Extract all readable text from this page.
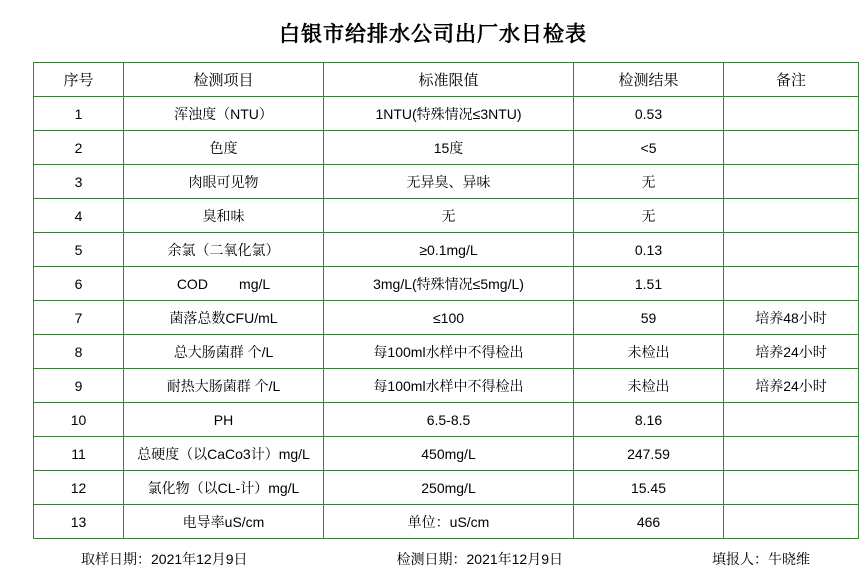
白银市给排水公司出厂水日检表
序号	检测项目	标准限值	检测结果	备注
1	浑浊度（NTU）	1NTU(特殊情况≤3NTU)	0.53	
2	色度	15度	<5	
3	肉眼可见物	无异臭、异味	无	
4	臭和味	无	无	
5	余氯（二氧化氯）	≥0.1mg/L	0.13	
6	COD        mg/L	3mg/L(特殊情况≤5mg/L)	1.51	
7	菌落总数CFU/mL	≤100	59	培养48小时
8	总大肠菌群 个/L	每100ml水样中不得检出	未检出	培养24小时
9	耐热大肠菌群 个/L	每100ml水样中不得检出	未检出	培养24小时
10	PH	6.5-8.5	8.16	
11	总硬度（以CaCo3计）mg/L	450mg/L	247.59	
12	氯化物（以CL-计）mg/L	250mg/L	15.45	
13	电导率uS/cm	单位：uS/cm	466	
取样日期：2021年12月9日	检测日期：2021年12月9日	填报人：牛晓维
